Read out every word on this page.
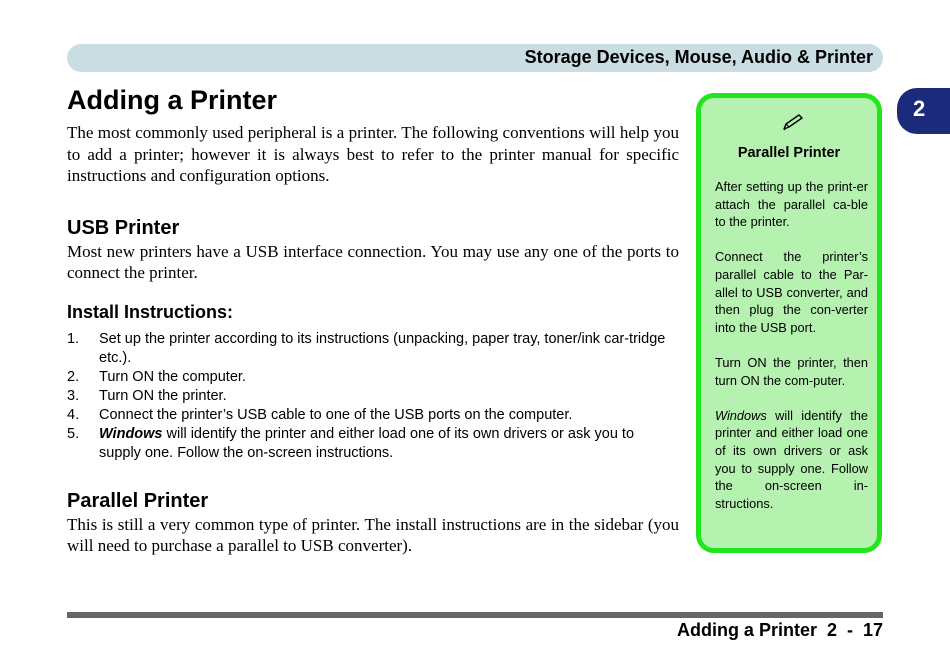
Storage Devices, Mouse, Audio & Printer
2
Adding a Printer

The most commonly used peripheral is a printer. The following conventions will help you to add a printer; however it is always best to refer to the printer manual for specific instructions and configuration options.

USB Printer

Most new printers have a USB interface connection. You may use any one of the ports to connect the printer.

Install Instructions:
1. Set up the printer according to its instructions (unpacking, paper tray, toner/ink car-tridge etc.).
2. Turn ON the computer.
3. Turn ON the printer.
4. Connect the printer’s USB cable to one of the USB ports on the computer.
5. Windows will identify the printer and either load one of its own drivers or ask you to supply one. Follow the on-screen instructions.
Parallel Printer

This is still a very common type of printer. The install instructions are in the sidebar (you will need to purchase a parallel to USB converter).

Parallel Printer

After setting up the print-er attach the parallel ca-ble to the printer.

Connect the printer’s parallel cable to the Par-allel to USB converter, and then plug the con-verter into the USB port.

Turn ON the printer, then turn ON the com-puter.

Windows will identify the printer and either load one of its own drivers or ask you to supply one. Follow the on-screen in-structions.

Adding a Printer  2  -  17
